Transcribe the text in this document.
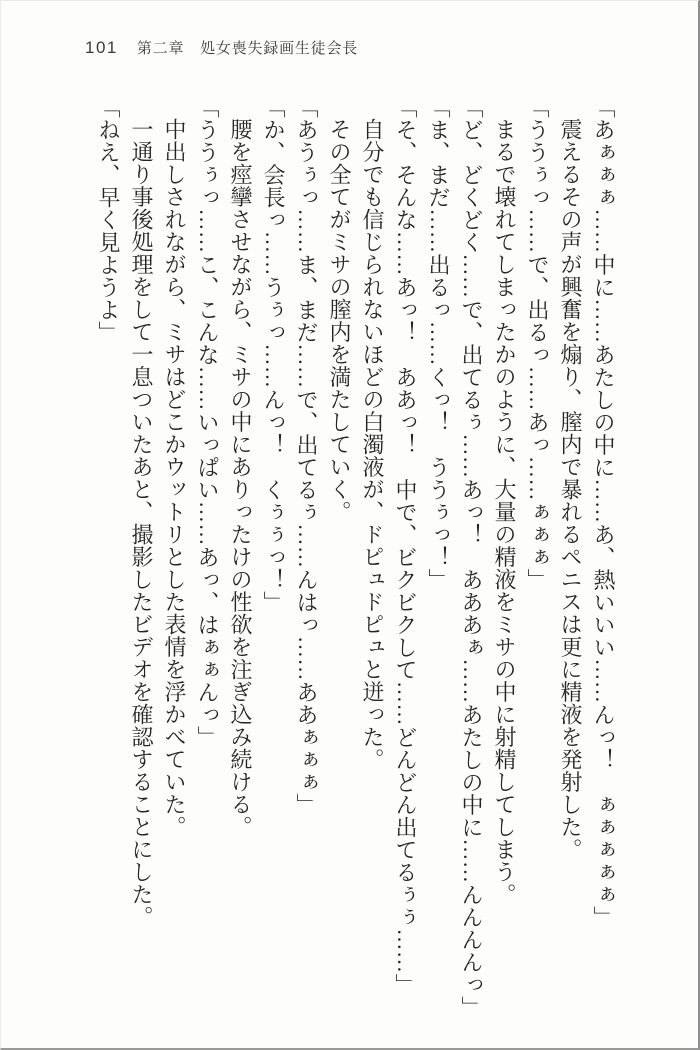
101 第二章　処女喪失録画生徒会長

「あぁぁぁ……中に……あたしの中に……あ、熱いいい……んっ！　ぁぁぁぁぁ」

震えるその声が興奮を煽り、膣内で暴れるペニスは更に精液を発射した。

「ううぅっ……で、出るっ……あっ……ぁぁぁ」

まるで壊れてしまったかのように、大量の精液をミサの中に射精してしまう。

「ど、どくどく……で、出てるぅ……あっ！　あああぁ……あたしの中に……んんんんっ」

「ま、まだ……出るっ……くっ！　ううぅっ！」

「そ、そんな……あっ！　ああっ！　中で、ビクビクして……どんどん出てるぅぅ……」

自分でも信じられないほどの白濁液が、ドピュドピュと迸った。

その全てがミサの膣内を満たしていく。

「あうぅっ……ま、まだ……で、出てるぅ……んはっ……ああぁぁぁ」

「か、会長っ……うぅっ……んっ！　くぅぅっ！」

腰を痙攣させながら、ミサの中にありったけの性欲を注ぎ込み続ける。

「ううぅっ……こ、こんな……いっぱい……あっ、はぁぁんっ」

中出しされながら、ミサはどこかウットリとした表情を浮かべていた。

一通り事後処理をして一息ついたあと、撮影したビデオを確認することにした。

「ねえ、早く見ようよ」
